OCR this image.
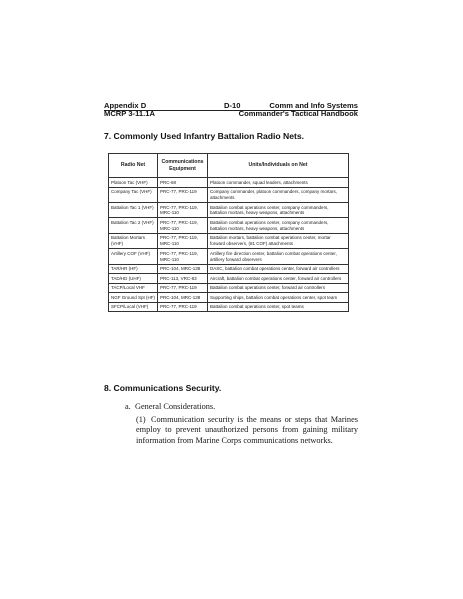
Appendix D	D-10	Comm and Info Systems
MCRP 3-11.1A	Commander's Tactical Handbook
7. Commonly Used Infantry Battalion Radio Nets.
Radio Net	Communications Equipment	Units/Individuals on Net
Platoon Tac (VHF)	PRC-68	Platoon commander, squad leaders, attachments
Company Tac (VHF)	PRC-77, PRC-119	Company commander, platoon commanders, company mortars, attachments
Battalion Tac 1 (VHF)	PRC-77, PRC-119, MRC-110	Battalion combat operations center, company commanders, battalion mortars, heavy weapons, attachments
Battalion Tac 2 (VHF)	PRC-77, PRC-119, MRC-110	Battalion combat operations center, company commanders, battalion mortars, heavy weapons, attachments
Battalion Mortars (VHF)	PRC-77, PRC-119, MRC-110	Battalion mortars, battalion combat operations center, mortar forward observers, (81 COF) attachments
Artillery COF (VHF)	PRC-77, PRC-119, MRC-110	Artillery fire direction center, battalion combat operations center, artillery forward observers
TAR/HR (HF)	PRC-104, MRC-138	DASC, battalion combat operations center, forward air controllers
TAD/HD (UHF)	PRC-113, VRC-83	Aircraft, battalion combat operations center, forward air controllers
TACP/Local VHF	PRC-77, PRC-119	Battalion combat operations center, forward air controllers
NGF Ground Spt (HF)	PRC-104, MRC-138	Supporting ships, battalion combat operations center, spot team
SFCP/Local (VHF)	PRC-77, PRC-119	Battalion combat operations center, spot teams
8. Communications Security.
a. General Considerations.
(1) Communication security is the means or steps that Marines employ to prevent unauthorized persons from gaining military information from Marine Corps communications networks.
